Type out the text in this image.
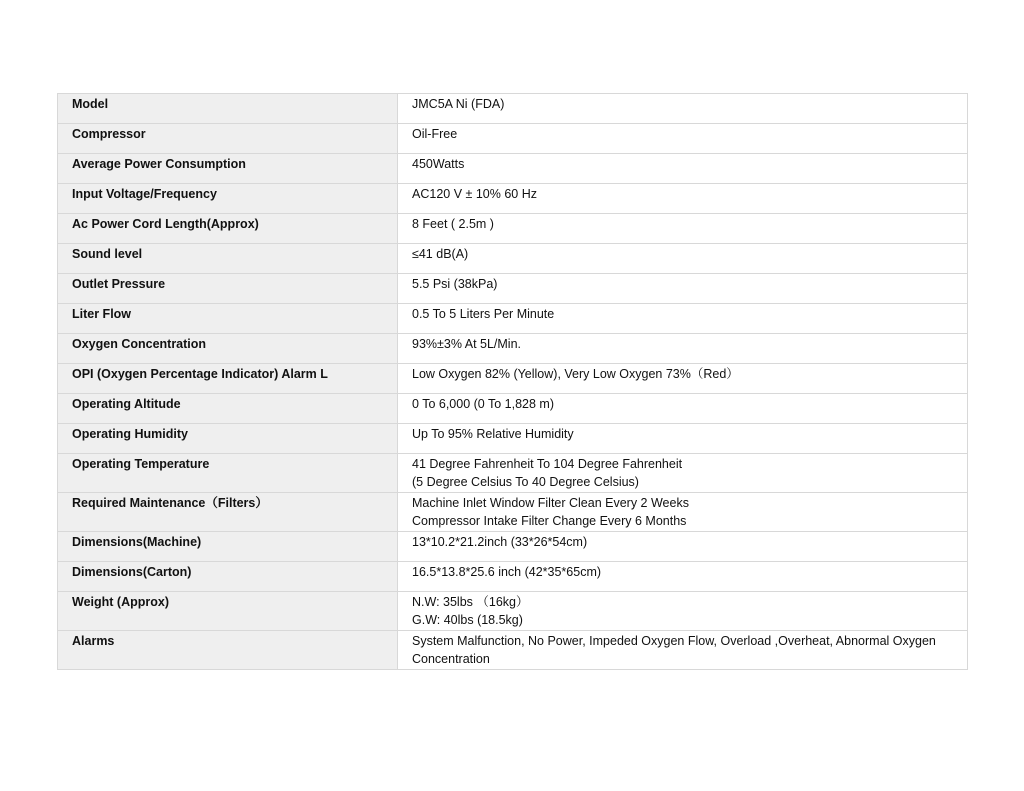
Model	JMC5A Ni (FDA)

Compressor	Oil-Free

Average Power Consumption	450Watts

Input Voltage/Frequency	AC120 V ± 10% 60 Hz

Ac Power Cord Length(Approx)	8 Feet ( 2.5m )

Sound level	≤41 dB(A)

Outlet Pressure	5.5 Psi (38kPa)

Liter Flow	0.5 To 5 Liters Per Minute

Oxygen Concentration	93%±3% At 5L/Min.

OPI (Oxygen Percentage Indicator) Alarm L	Low Oxygen 82% (Yellow), Very Low Oxygen 73%（Red）

Operating Altitude	0 To 6,000 (0 To 1,828 m)

Operating Humidity	Up To 95% Relative Humidity

Operating Temperature	41 Degree Fahrenheit To 104 Degree Fahrenheit
(5 Degree Celsius To 40 Degree Celsius)

Required Maintenance（Filters）	Machine Inlet Window Filter Clean Every 2 Weeks
Compressor Intake Filter Change Every 6 Months

Dimensions(Machine)	13*10.2*21.2inch (33*26*54cm)

Dimensions(Carton)	16.5*13.8*25.6 inch (42*35*65cm)

Weight (Approx)	N.W: 35lbs （16kg）
G.W: 40lbs (18.5kg)

Alarms	System Malfunction, No Power, Impeded Oxygen Flow, Overload ,Overheat, Abnormal Oxygen Concentration
